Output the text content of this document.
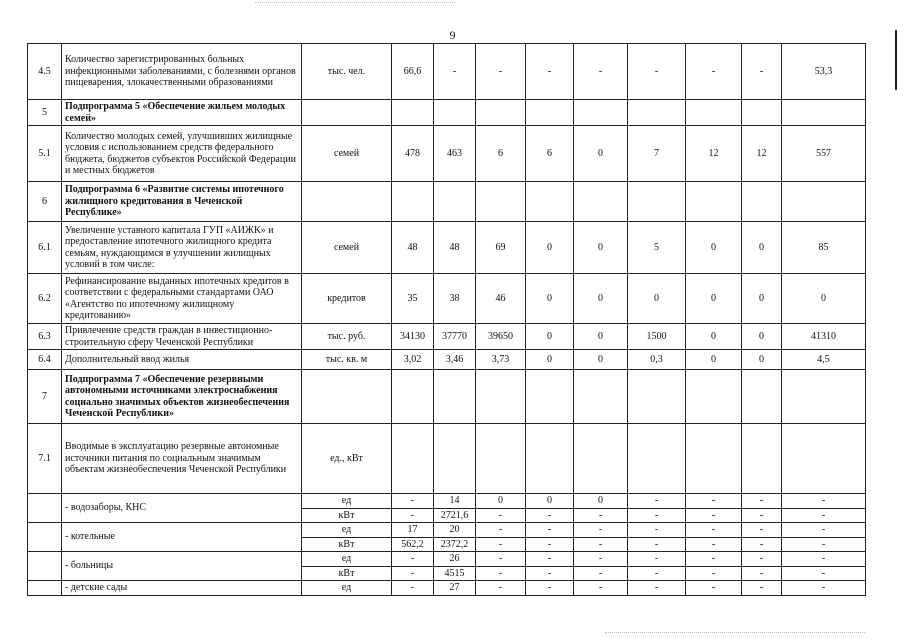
9
4.5	Количество зарегистрированных больных инфекционными заболеваниями, с болезнями органов пищеварения, злокачественными образованиями	тыс. чел.	66,6	-	-	-	-	-	-	-	53,3
5	Подпрограмма 5 «Обеспечение жильем молодых семей»										
5.1	Количество молодых семей, улучшивших жилищные условия с использованием средств федерального бюджета, бюджетов субъектов Российской Федерации и местных бюджетов	семей	478	463	6	6	0	7	12	12	557
6	Подпрограмма 6 «Развитие системы ипотечного жилищного кредитования в Чеченской Республике»										
6.1	Увеличение уставного капитала ГУП «АИЖК» и предоставление ипотечного жилищного кредита семьям, нуждающимся в улучшении жилищных условий в том числе:	семей	48	48	69	0	0	5	0	0	85
6.2	Рефинансирование выданных ипотечных кредитов в соответствии с федеральными стандартами ОАО «Агентство по ипотечному жилищному кредитованию»	кредитов	35	38	46	0	0	0	0	0	0
6.3	Привлечение средств граждан в инвестиционно-строительную сферу Чеченской Республики	тыс. руб.	34130	37770	39650	0	0	1500	0	0	41310
6.4	Дополнительный ввод жилья	тыс. кв. м	3,02	3,46	3,73	0	0	0,3	0	0	4,5
7	Подпрограмма 7 «Обеспечение резервными автономными источниками электроснабжения социально значимых объектов жизнеобеспечения Чеченской Республики»										
7.1	Вводимые в эксплуатацию резервные автономные источники питания по социальным значимым объектам жизнеобеспечения Чеченской Республики	ед., кВт									
	- водозаборы, КНС	ед	-	14	0	0	0	-	-	-	-
		кВт	-	2721,6	-	-	-	-	-	-	-
	- котельные	ед	17	20	-	-	-	-	-	-	-
		кВт	562,2	2372,2	-	-	-	-	-	-	-
	- больницы	ед	-	26	-	-	-	-	-	-	-
		кВт	-	4515	-	-	-	-	-	-	-
	- детские сады	ед	-	27	-	-	-	-	-	-	-
